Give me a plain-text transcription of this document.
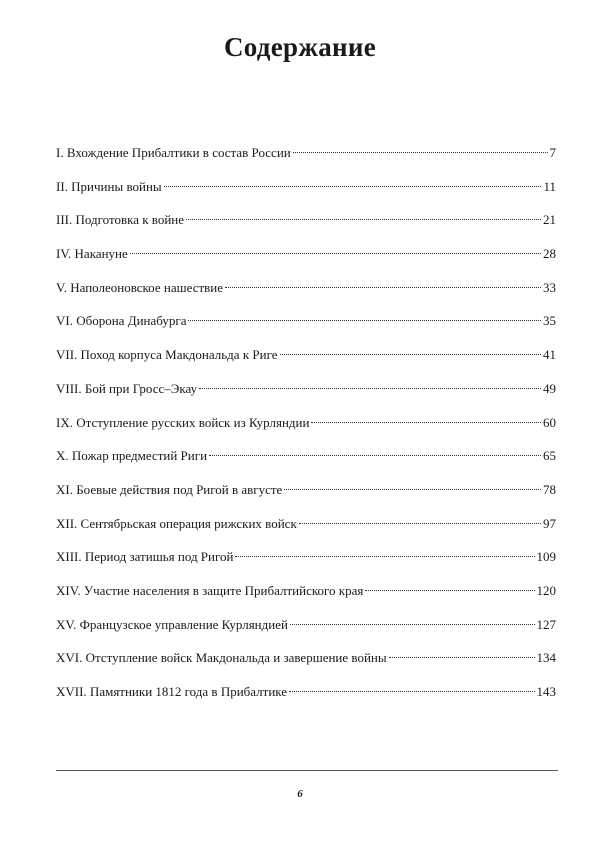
Содержание
I. Вхождение Прибалтики в состав России	7
II. Причины войны	11
III. Подготовка к войне	21
IV. Накануне	28
V. Наполеоновское нашествие	33
VI. Оборона Динабурга	35
VII. Поход корпуса Макдональда к Риге	41
VIII. Бой при Гросс–Экау	49
IX. Отступление русских войск из Курляндии	60
X. Пожар предместий Риги	65
XI. Боевые действия под Ригой в августе	78
XII. Сентябрьская операция рижских войск	97
XIII. Период затишья под Ригой	109
XIV. Участие населения в защите Прибалтийского края	120
XV. Французское управление Курляндией	127
XVI. Отступление войск Макдональда и завершение войны	134
XVII. Памятники 1812 года в Прибалтике	143
6
